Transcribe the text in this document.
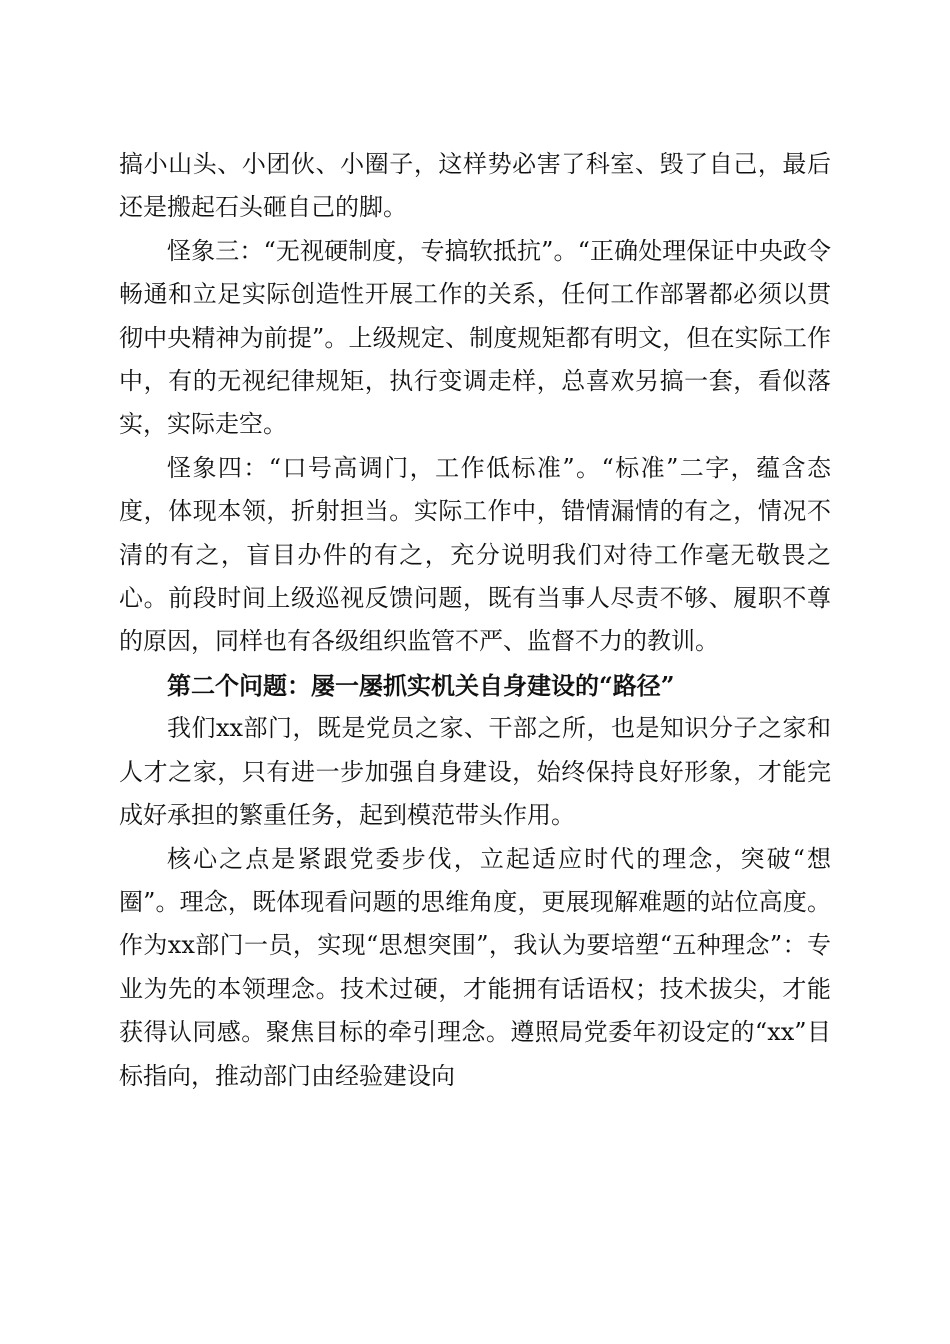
搞小山头、小团伙、小圈子，这样势必害了科室、毁了自己，最后还是搬起石头砸自己的脚。

怪象三：“无视硬制度，专搞软抵抗”。“正确处理保证中央政令畅通和立足实际创造性开展工作的关系，任何工作部署都必须以贯彻中央精神为前提”。上级规定、制度规矩都有明文，但在实际工作中，有的无视纪律规矩，执行变调走样，总喜欢另搞一套，看似落实，实际走空。

怪象四：“口号高调门，工作低标准”。“标准”二字，蕴含态度，体现本领，折射担当。实际工作中，错情漏情的有之，情况不清的有之，盲目办件的有之，充分说明我们对待工作毫无敬畏之心。前段时间上级巡视反馈问题，既有当事人尽责不够、履职不尊的原因，同样也有各级组织监管不严、监督不力的教训。

第二个问题：屡一屡抓实机关自身建设的“路径”

我们xx部门，既是党员之家、干部之所，也是知识分子之家和人才之家，只有进一步加强自身建设，始终保持良好形象，才能完成好承担的繁重任务，起到模范带头作用。

核心之点是紧跟党委步伐，立起适应时代的理念，突破“想圈”。理念，既体现看问题的思维角度，更展现解难题的站位高度。作为xx部门一员，实现“思想突围”，我认为要培塑“五种理念”：专业为先的本领理念。技术过硬，才能拥有话语权；技术拔尖，才能获得认同感。聚焦目标的牵引理念。遵照局党委年初设定的“xx”目标指向，推动部门由经验建设向
